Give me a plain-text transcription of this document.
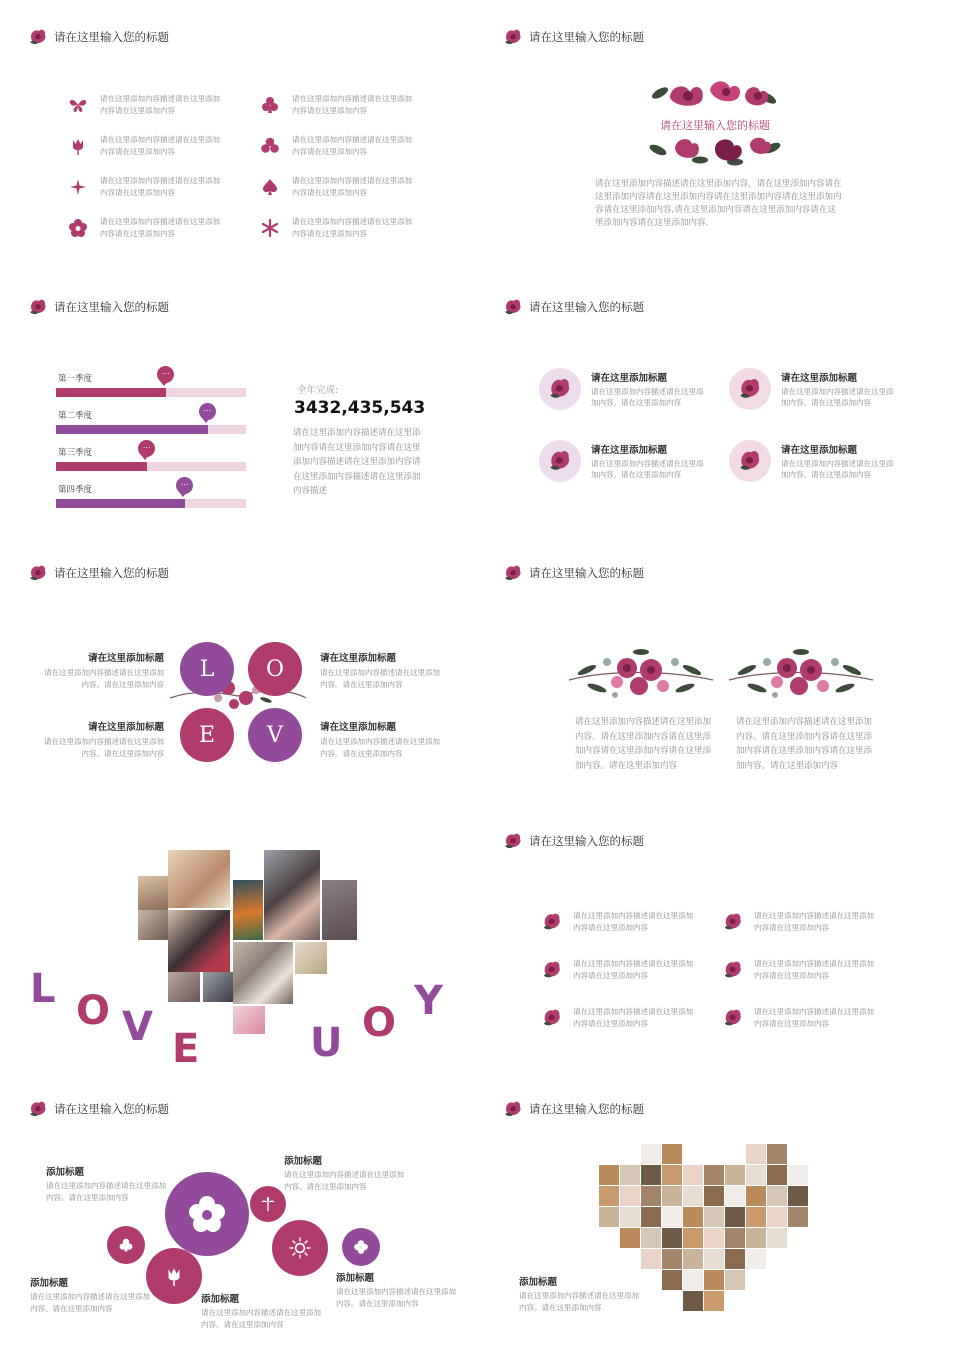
请在这里输入您的标题
请在这里添加内容描述请在这里添加内容请在这里添加内容
请在这里添加内容描述请在这里添加内容请在这里添加内容
请在这里添加内容描述请在这里添加内容请在这里添加内容
请在这里添加内容描述请在这里添加内容请在这里添加内容
请在这里添加内容描述请在这里添加内容请在这里添加内容
请在这里添加内容描述请在这里添加内容请在这里添加内容
请在这里添加内容描述请在这里添加内容请在这里添加内容
请在这里添加内容描述请在这里添加内容请在这里添加内容
请在这里输入您的标题
请在这里输入您的标题
请在这里添加内容描述请在这里添加内容，请在这里添加内容请在这里添加内容请在这里添加内容请在这里添加内容请在这里添加内容请在这里添加内容,请在这里添加内容请在这里添加内容请在这里添加内容请在这里添加内容.
请在这里输入您的标题
第一季度
...
第二季度
...
第三季度
...
第四季度
...
全年完成:
3432,435,543
请在这里添加内容描述请在这里添加内容请在这里添加内容请在这里添加内容描述请在这里添加内容请在这里添加内容描述请在这里添加内容描述
请在这里输入您的标题
请在这里添加标题
请在这里添加内容描述请在这里添加内容。请在这里添加内容
请在这里添加标题
请在这里添加内容描述请在这里添加内容。请在这里添加内容
请在这里添加标题
请在这里添加内容描述请在这里添加内容。请在这里添加内容
请在这里添加标题
请在这里添加内容描述请在这里添加内容。请在这里添加内容
请在这里输入您的标题
L	O
E	V
请在这里添加标题
请在这里添加内容描述请在这里添加内容。请在这里添加内容
请在这里添加标题
请在这里添加内容描述请在这里添加内容。请在这里添加内容
请在这里添加标题
请在这里添加内容描述请在这里添加内容。请在这里添加内容
请在这里添加标题
请在这里添加内容描述请在这里添加内容。请在这里添加内容
请在这里输入您的标题
请在这里添加内容描述请在这里添加内容。请在这里添加内容请在这里添加内容请在这里添加内容请在这里添加内容。请在这里添加内容
请在这里添加内容描述请在这里添加内容。请在这里添加内容请在这里添加内容请在这里添加内容请在这里添加内容。请在这里添加内容
L O V E	U O Y
请在这里输入您的标题
请在这里添加内容描述请在这里添加内容请在这里添加内容
请在这里添加内容描述请在这里添加内容请在这里添加内容
请在这里添加内容描述请在这里添加内容请在这里添加内容
请在这里添加内容描述请在这里添加内容请在这里添加内容
请在这里添加内容描述请在这里添加内容请在这里添加内容
请在这里添加内容描述请在这里添加内容请在这里添加内容
请在这里输入您的标题
添加标题
请在这里添加内容描述请在这里添加内容。请在这里添加内容
添加标题
请在这里添加内容描述请在这里添加内容。请在这里添加内容
添加标题
请在这里添加内容描述请在这里添加内容。请在这里添加内容
添加标题
请在这里添加内容描述请在这里添加内容。请在这里添加内容
添加标题
请在这里添加内容描述请在这里添加内容。请在这里添加内容
请在这里输入您的标题
添加标题
请在这里添加内容描述请在这里添加内容。请在这里添加内容
